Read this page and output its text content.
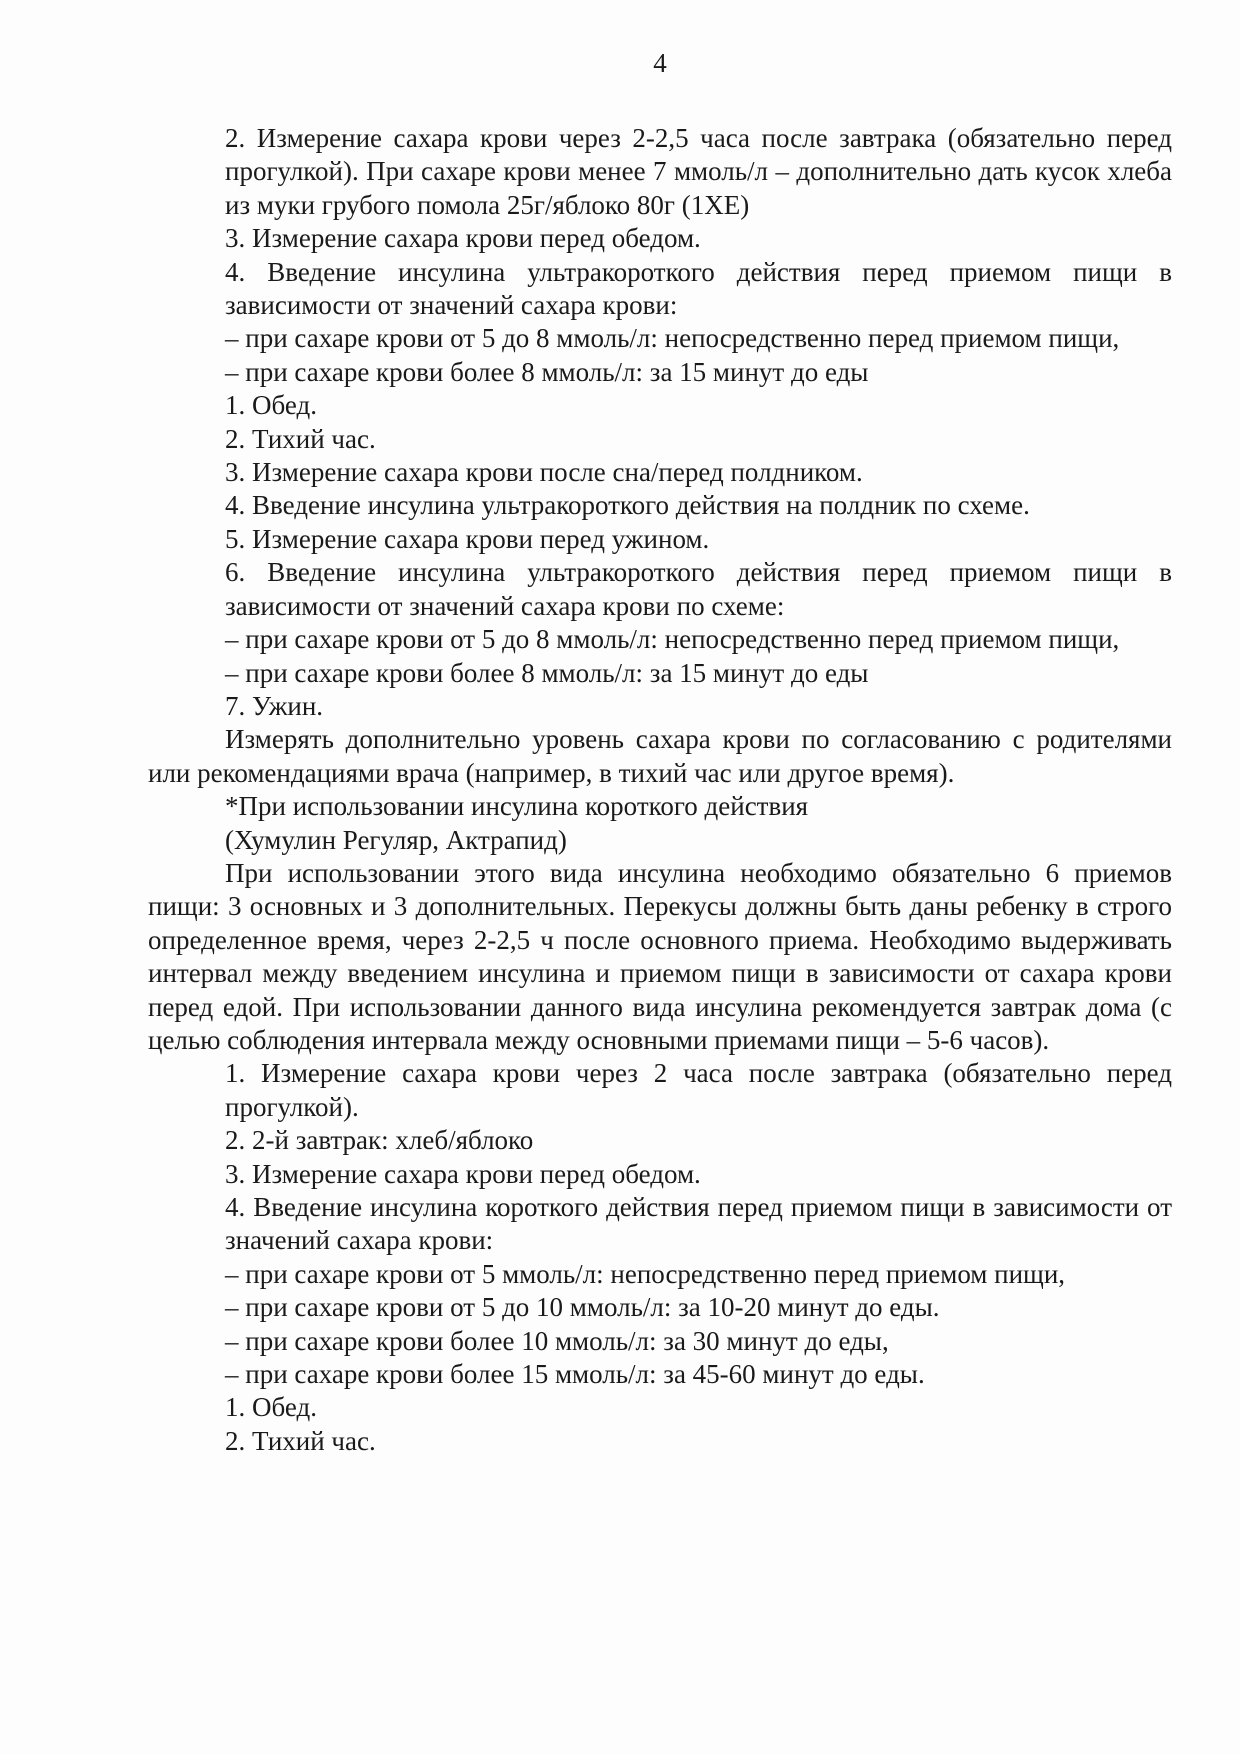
4

2. Измерение сахара крови через 2-2,5 часа после завтрака (обязательно перед прогулкой). При сахаре крови менее 7 ммоль/л – дополнительно дать кусок хлеба из муки грубого помола 25г/яблоко 80г (1ХЕ)

3. Измерение сахара крови перед обедом.

4. Введение инсулина ультракороткого действия перед приемом пищи в зависимости от значений сахара крови:

– при сахаре крови от 5 до 8 ммоль/л: непосредственно перед приемом пищи,

– при сахаре крови более 8 ммоль/л: за 15 минут до еды

1. Обед.

2. Тихий час.

3. Измерение сахара крови после сна/перед полдником.

4. Введение инсулина ультракороткого действия на полдник по схеме.

5. Измерение сахара крови перед ужином.

6. Введение инсулина ультракороткого действия перед приемом пищи в зависимости от значений сахара крови по схеме:

– при сахаре крови от 5 до 8 ммоль/л: непосредственно перед приемом пищи,

– при сахаре крови более 8 ммоль/л: за 15 минут до еды

7. Ужин.

Измерять дополнительно уровень сахара крови по согласованию с родителями или рекомендациями врача (например, в тихий час или другое время).

*При использовании инсулина короткого действия

(Хумулин Регуляр, Актрапид)

При использовании этого вида инсулина необходимо обязательно 6 приемов пищи: 3 основных и 3 дополнительных. Перекусы должны быть даны ребенку в строго определенное время, через 2-2,5 ч после основного приема. Необходимо выдерживать интервал между введением инсулина и приемом пищи в зависимости от сахара крови перед едой. При использовании данного вида инсулина рекомендуется завтрак дома (с целью соблюдения интервала между основными приемами пищи – 5-6 часов).

1. Измерение сахара крови через 2 часа после завтрака (обязательно перед прогулкой).

2. 2-й завтрак: хлеб/яблоко

3. Измерение сахара крови перед обедом.

4. Введение инсулина короткого действия перед приемом пищи в зависимости от значений сахара крови:

– при сахаре крови от 5 ммоль/л: непосредственно перед приемом пищи,

– при сахаре крови от 5 до 10 ммоль/л: за 10-20 минут до еды.

– при сахаре крови более 10 ммоль/л: за 30 минут до еды,

– при сахаре крови более 15 ммоль/л: за 45-60 минут до еды.

1. Обед.

2. Тихий час.
